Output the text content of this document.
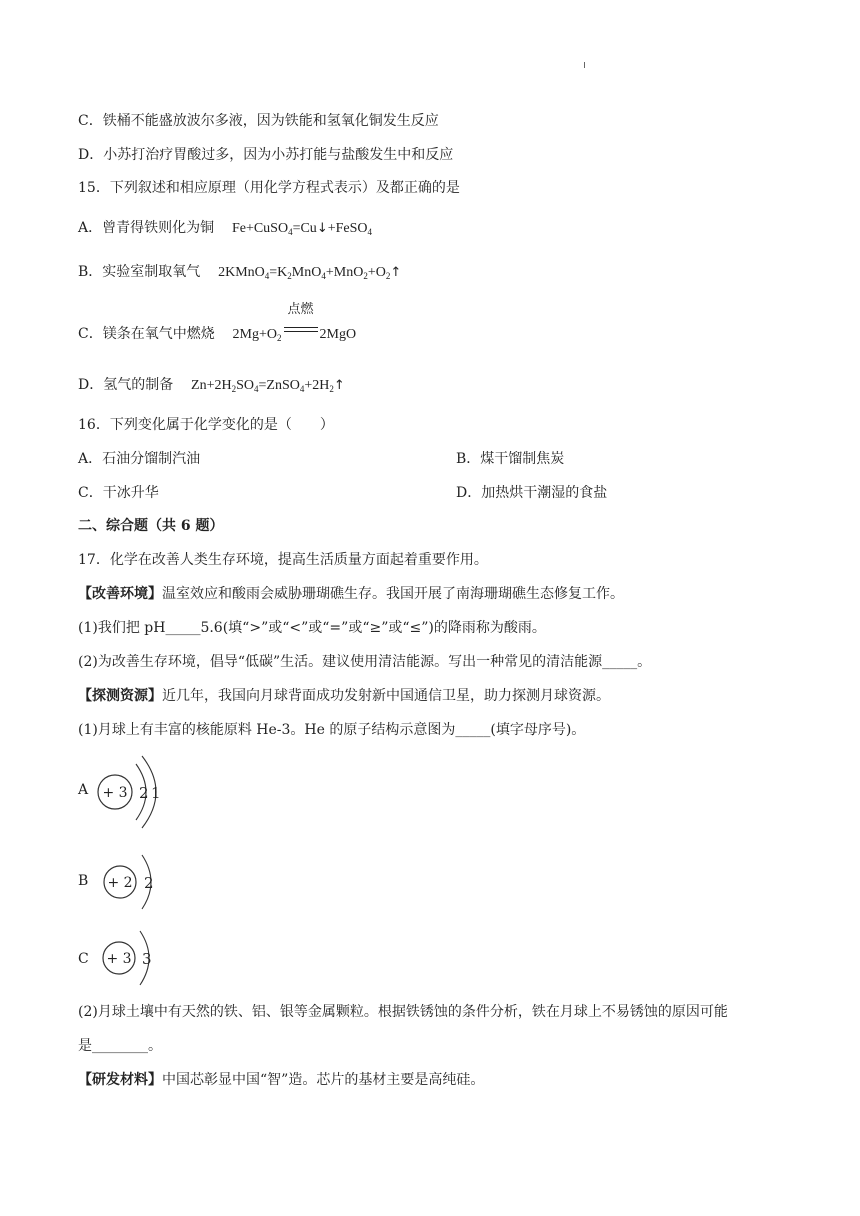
C．铁桶不能盛放波尔多液，因为铁能和氢氧化铜发生反应
D．小苏打治疗胃酸过多，因为小苏打能与盐酸发生中和反应
15．下列叙述和相应原理（用化学方程式表示）及都正确的是
A．曾青得铁则化为铜 Fe+CuSO$_4$=Cu↓+FeSO$_4$
B．实验室制取氧气 $2KMnO_4=K_2MnO_4+MnO_2+O_2↑$
C．镁条在氧气中燃烧 $2Mg+O_2$
点燃
2MgO
D．氢气的制备 $Zn+2H_2SO_4=ZnSO_4+2H_2↑$
16．下列变化属于化学变化的是（　　）
A．石油分馏制汽油	B．煤干馏制焦炭
C．干冰升华	D．加热烘干潮湿的食盐
二、综合题（共 6 题）
17．化学在改善人类生存环境，提高生活质量方面起着重要作用。
【改善环境】温室效应和酸雨会威胁珊瑚礁生存。我国开展了南海珊瑚礁生态修复工作。
(1)我们把 pH_____5.6(填“>”或“<”或“=”或“≥”或“≤”)的降雨称为酸雨。
(2)为改善生存环境，倡导“低碳”生活。建议使用清洁能源。写出一种常见的清洁能源_____。
【探测资源】近几年，我国向月球背面成功发射新中国通信卫星，助力探测月球资源。
(1)月球上有丰富的核能原料 He-3。He 的原子结构示意图为_____(填字母序号)。
A + 3 2 1
B + 2 2
C + 3 3
(2)月球土壤中有天然的铁、铝、银等金属颗粒。根据铁锈蚀的条件分析，铁在月球上不易锈蚀的原因可能
是________。
【研发材料】中国芯彰显中国“智”造。芯片的基材主要是高纯硅。
